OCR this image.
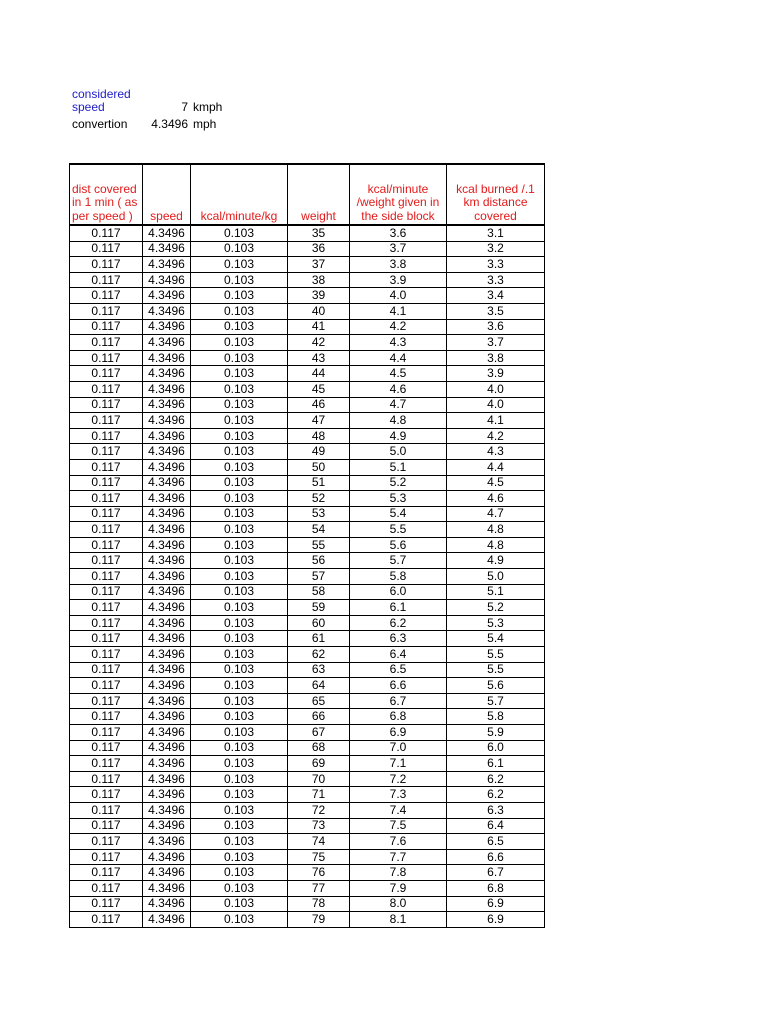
considered
speed	7 kmph
convertion	4.3496 mph
dist covered in 1 min ( as per speed )	speed	kcal/minute/kg	weight	kcal/minute /weight given in the side block	kcal burned /.1 km distance covered
0.117	4.3496	0.103	35	3.6	3.1
0.117	4.3496	0.103	36	3.7	3.2
0.117	4.3496	0.103	37	3.8	3.3
0.117	4.3496	0.103	38	3.9	3.3
0.117	4.3496	0.103	39	4.0	3.4
0.117	4.3496	0.103	40	4.1	3.5
0.117	4.3496	0.103	41	4.2	3.6
0.117	4.3496	0.103	42	4.3	3.7
0.117	4.3496	0.103	43	4.4	3.8
0.117	4.3496	0.103	44	4.5	3.9
0.117	4.3496	0.103	45	4.6	4.0
0.117	4.3496	0.103	46	4.7	4.0
0.117	4.3496	0.103	47	4.8	4.1
0.117	4.3496	0.103	48	4.9	4.2
0.117	4.3496	0.103	49	5.0	4.3
0.117	4.3496	0.103	50	5.1	4.4
0.117	4.3496	0.103	51	5.2	4.5
0.117	4.3496	0.103	52	5.3	4.6
0.117	4.3496	0.103	53	5.4	4.7
0.117	4.3496	0.103	54	5.5	4.8
0.117	4.3496	0.103	55	5.6	4.8
0.117	4.3496	0.103	56	5.7	4.9
0.117	4.3496	0.103	57	5.8	5.0
0.117	4.3496	0.103	58	6.0	5.1
0.117	4.3496	0.103	59	6.1	5.2
0.117	4.3496	0.103	60	6.2	5.3
0.117	4.3496	0.103	61	6.3	5.4
0.117	4.3496	0.103	62	6.4	5.5
0.117	4.3496	0.103	63	6.5	5.5
0.117	4.3496	0.103	64	6.6	5.6
0.117	4.3496	0.103	65	6.7	5.7
0.117	4.3496	0.103	66	6.8	5.8
0.117	4.3496	0.103	67	6.9	5.9
0.117	4.3496	0.103	68	7.0	6.0
0.117	4.3496	0.103	69	7.1	6.1
0.117	4.3496	0.103	70	7.2	6.2
0.117	4.3496	0.103	71	7.3	6.2
0.117	4.3496	0.103	72	7.4	6.3
0.117	4.3496	0.103	73	7.5	6.4
0.117	4.3496	0.103	74	7.6	6.5
0.117	4.3496	0.103	75	7.7	6.6
0.117	4.3496	0.103	76	7.8	6.7
0.117	4.3496	0.103	77	7.9	6.8
0.117	4.3496	0.103	78	8.0	6.9
0.117	4.3496	0.103	79	8.1	6.9
